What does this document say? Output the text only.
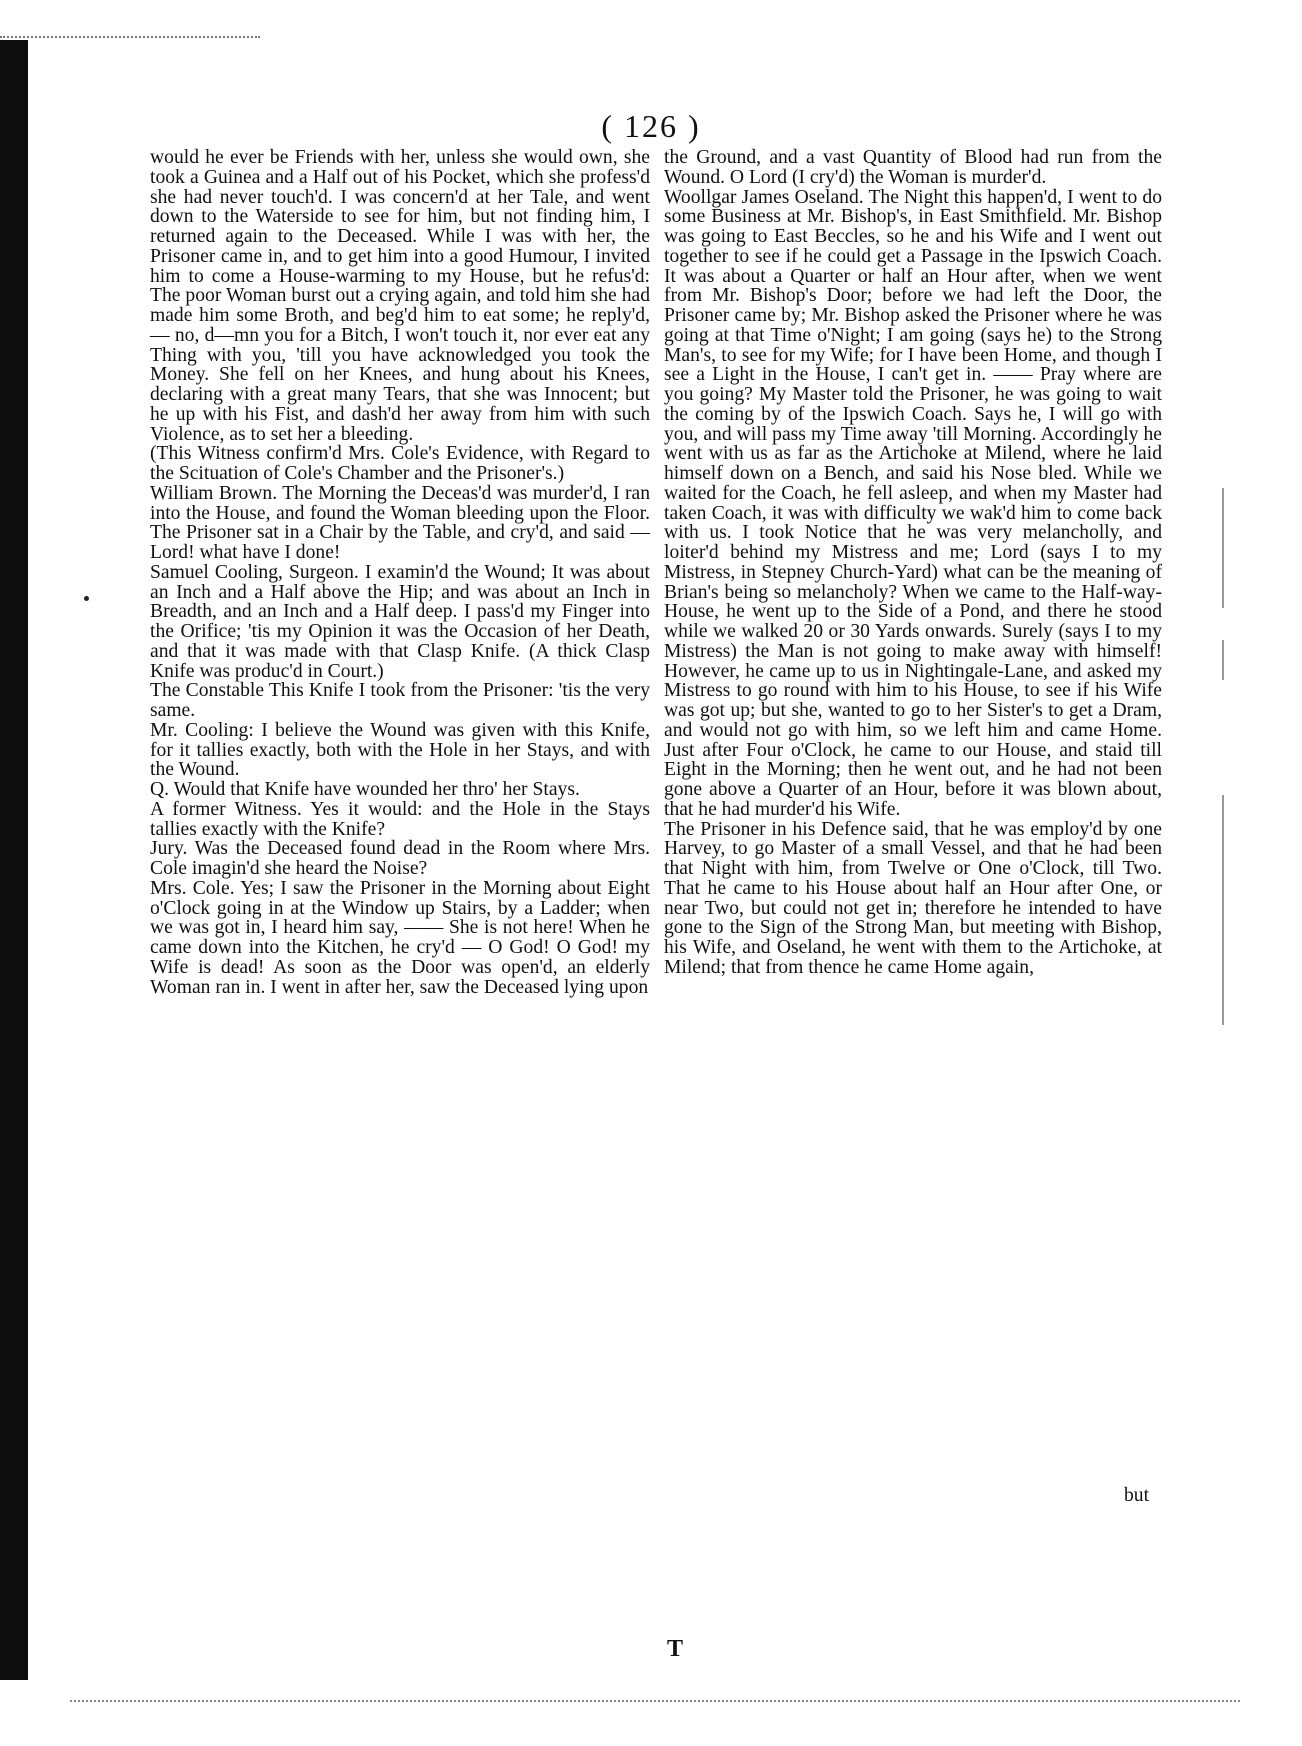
( 126 )

would he ever be Friends with her, unless she would own, she took a Guinea and a Half out of his Pocket, which she profess'd she had never touch'd. I was concern'd at her Tale, and went down to the Waterside to see for him, but not finding him, I returned again to the Deceased. While I was with her, the Prisoner came in, and to get him into a good Humour, I invited him to come a House-warming to my House, but he refus'd: The poor Woman burst out a crying again, and told him she had made him some Broth, and beg'd him to eat some; he reply'd, — no, d—mn you for a Bitch, I won't touch it, nor ever eat any Thing with you, 'till you have acknowledged you took the Money. She fell on her Knees, and hung about his Knees, declaring with a great many Tears, that she was Innocent; but he up with his Fist, and dash'd her away from him with such Violence, as to set her a bleeding.

(This Witness confirm'd Mrs. Cole's Evidence, with Regard to the Scituation of Cole's Chamber and the Prisoner's.)

William Brown. The Morning the Deceas'd was murder'd, I ran into the House, and found the Woman bleeding upon the Floor. The Prisoner sat in a Chair by the Table, and cry'd, and said — Lord! what have I done!

Samuel Cooling, Surgeon. I examin'd the Wound; It was about an Inch and a Half above the Hip; and was about an Inch in Breadth, and an Inch and a Half deep. I pass'd my Finger into the Orifice; 'tis my Opinion it was the Occasion of her Death, and that it was made with that Clasp Knife. (A thick Clasp Knife was produc'd in Court.)

The Constable This Knife I took from the Prisoner: 'tis the very same.

Mr. Cooling: I believe the Wound was given with this Knife, for it tallies exactly, both with the Hole in her Stays, and with the Wound.

Q. Would that Knife have wounded her thro' her Stays.

A former Witness. Yes it would: and the Hole in the Stays tallies exactly with the Knife?

Jury. Was the Deceased found dead in the Room where Mrs. Cole imagin'd she heard the Noise?

Mrs. Cole. Yes; I saw the Prisoner in the Morning about Eight o'Clock going in at the Window up Stairs, by a Ladder; when we was got in, I heard him say, —— She is not here! When he came down into the Kitchen, he cry'd — O God! O God! my Wife is dead! As soon as the Door was open'd, an elderly Woman ran in. I went in after her, saw the Deceased lying upon

the Ground, and a vast Quantity of Blood had run from the Wound. O Lord (I cry'd) the Woman is murder'd.

Woollgar James Oseland. The Night this happen'd, I went to do some Business at Mr. Bishop's, in East Smithfield. Mr. Bishop was going to East Beccles, so he and his Wife and I went out together to see if he could get a Passage in the Ipswich Coach. It was about a Quarter or half an Hour after, when we went from Mr. Bishop's Door; before we had left the Door, the Prisoner came by; Mr. Bishop asked the Prisoner where he was going at that Time o'Night; I am going (says he) to the Strong Man's, to see for my Wife; for I have been Home, and though I see a Light in the House, I can't get in. —— Pray where are you going? My Master told the Prisoner, he was going to wait the coming by of the Ipswich Coach. Says he, I will go with you, and will pass my Time away 'till Morning. Accordingly he went with us as far as the Artichoke at Milend, where he laid himself down on a Bench, and said his Nose bled. While we waited for the Coach, he fell asleep, and when my Master had taken Coach, it was with difficulty we wak'd him to come back with us. I took Notice that he was very melancholly, and loiter'd behind my Mistress and me; Lord (says I to my Mistress, in Stepney Church-Yard) what can be the meaning of Brian's being so melancholy? When we came to the Half-way-House, he went up to the Side of a Pond, and there he stood while we walked 20 or 30 Yards onwards. Surely (says I to my Mistress) the Man is not going to make away with himself! However, he came up to us in Nightingale-Lane, and asked my Mistress to go round with him to his House, to see if his Wife was got up; but she, wanted to go to her Sister's to get a Dram, and would not go with him, so we left him and came Home. Just after Four o'Clock, he came to our House, and staid till Eight in the Morning; then he went out, and he had not been gone above a Quarter of an Hour, before it was blown about, that he had murder'd his Wife.

The Prisoner in his Defence said, that he was employ'd by one Harvey, to go Master of a small Vessel, and that he had been that Night with him, from Twelve or One o'Clock, till Two. That he came to his House about half an Hour after One, or near Two, but could not get in; therefore he intended to have gone to the Sign of the Strong Man, but meeting with Bishop, his Wife, and Oseland, he went with them to the Artichoke, at Milend; that from thence he came Home again,

but
T
